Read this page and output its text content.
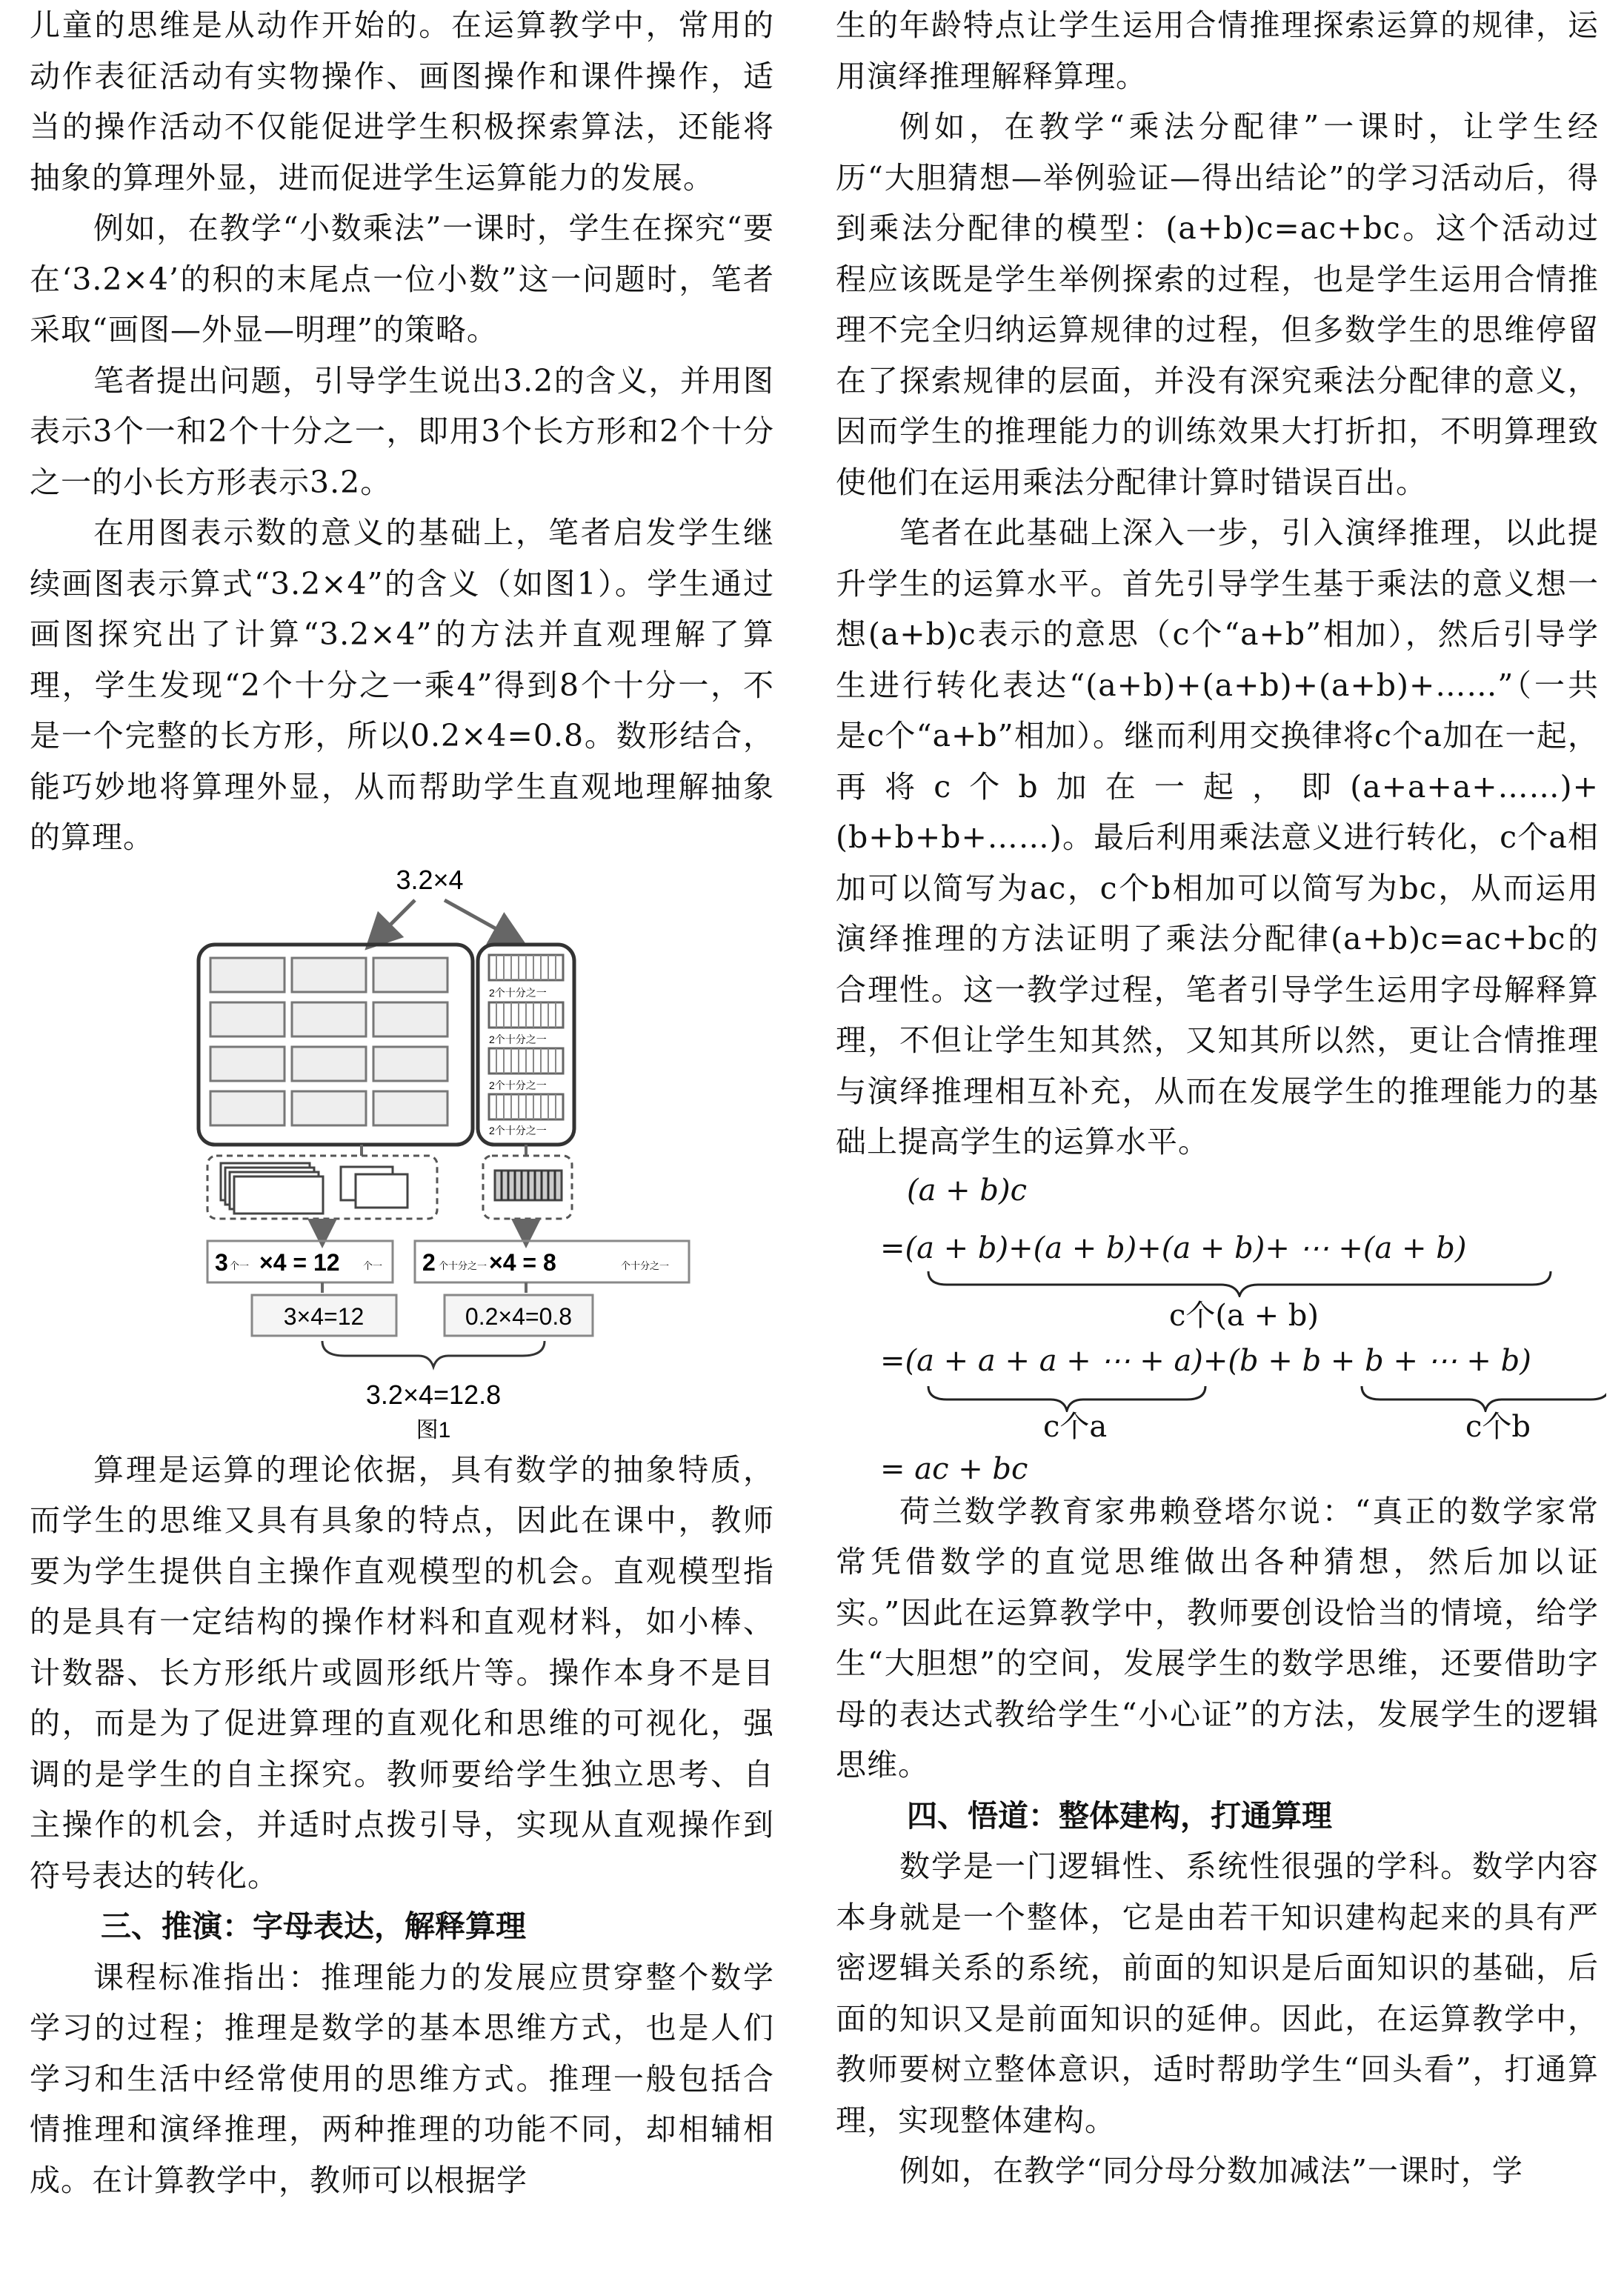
儿童的思维是从动作开始的。在运算教学中，常用的动作表征活动有实物操作、画图操作和课件操作，适当的操作活动不仅能促进学生积极探索算法，还能将抽象的算理外显，进而促进学生运算能力的发展。

例如，在教学“小数乘法”一课时，学生在探究“要在‘3.2×4’的积的末尾点一位小数”这一问题时，笔者采取“画图—外显—明理”的策略。

笔者提出问题，引导学生说出3.2的含义，并用图表示3个一和2个十分之一，即用3个长方形和2个十分之一的小长方形表示3.2。

在用图表示数的意义的基础上，笔者启发学生继续画图表示算式“3.2×4”的含义（如图1）。学生通过画图探究出了计算“3.2×4”的方法并直观理解了算理，学生发现“2个十分之一乘4”得到8个十分一，不是一个完整的长方形，所以0.2×4=0.8。数形结合，能巧妙地将算理外显，从而帮助学生直观地理解抽象的算理。

3.2×4
2个十分之一
2个十分之一
2个十分之一
2个十分之一
3 个一 ×4 = 12 个一 2 个十分之一 ×4 = 8	个十分之一
3×4=12	0.2×4=0.8
3.2×4=12.8
图1

算理是运算的理论依据，具有数学的抽象特质，而学生的思维又具有具象的特点，因此在课中，教师要为学生提供自主操作直观模型的机会。直观模型指的是具有一定结构的操作材料和直观材料，如小棒、计数器、长方形纸片或圆形纸片等。操作本身不是目的，而是为了促进算理的直观化和思维的可视化，强调的是学生的自主探究。教师要给学生独立思考、自主操作的机会，并适时点拨引导，实现从直观操作到符号表达的转化。

三、推演：字母表达，解释算理

课程标准指出：推理能力的发展应贯穿整个数学学习的过程；推理是数学的基本思维方式，也是人们学习和生活中经常使用的思维方式。推理一般包括合情推理和演绎推理，两种推理的功能不同，却相辅相成。在计算教学中，教师可以根据学

生的年龄特点让学生运用合情推理探索运算的规律，运用演绎推理解释算理。

例如，在教学“乘法分配律”一课时，让学生经历“大胆猜想—举例验证—得出结论”的学习活动后，得到乘法分配律的模型：(a+b)c=ac+bc。这个活动过程应该既是学生举例探索的过程，也是学生运用合情推理不完全归纳运算规律的过程，但多数学生的思维停留在了探索规律的层面，并没有深究乘法分配律的意义，因而学生的推理能力的训练效果大打折扣，不明算理致使他们在运用乘法分配律计算时错误百出。

笔者在此基础上深入一步，引入演绎推理，以此提升学生的运算水平。首先引导学生基于乘法的意义想一想(a+b)c表示的意思（c个“a+b”相加），然后引导学生进行转化表达“(a+b)+(a+b)+(a+b)+……”（一共是c个“a+b”相加）。继而利用交换律将c个a加在一起，再将c个b加在一起，即(a+a+a+……)+(b+b+b+……)。最后利用乘法意义进行转化，c个a相加可以简写为ac，c个b相加可以简写为bc，从而运用演绎推理的方法证明了乘法分配律(a+b)c=ac+bc的合理性。这一教学过程，笔者引导学生运用字母解释算理，不但让学生知其然，又知其所以然，更让合情推理与演绎推理相互补充，从而在发展学生的推理能力的基础上提高学生的运算水平。

(a + b)c
=(a + b)+(a + b)+(a + b)+ ⋯ +(a + b)
c个(a + b)
=(a + a + a + ⋯ + a)+(b + b + b + ⋯ + b)
c个a	c个b
= ac + bc

荷兰数学教育家弗赖登塔尔说：“真正的数学家常常凭借数学的直觉思维做出各种猜想，然后加以证实。”因此在运算教学中，教师要创设恰当的情境，给学生“大胆想”的空间，发展学生的数学思维，还要借助字母的表达式教给学生“小心证”的方法，发展学生的逻辑思维。

四、悟道：整体建构，打通算理

数学是一门逻辑性、系统性很强的学科。数学内容本身就是一个整体，它是由若干知识建构起来的具有严密逻辑关系的系统，前面的知识是后面知识的基础，后面的知识又是前面知识的延伸。因此，在运算教学中，教师要树立整体意识，适时帮助学生“回头看”，打通算理，实现整体建构。

例如，在教学“同分母分数加减法”一课时，学
